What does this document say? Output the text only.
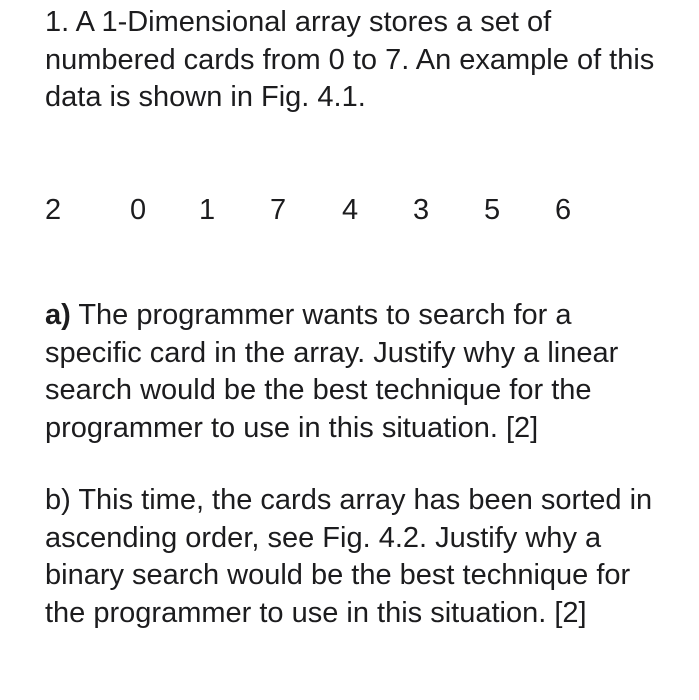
1. A 1-Dimensional array stores a set of numbered cards from 0 to 7. An example of this data is shown in Fig. 4.1.

2 0 1 7 4 3 5 6

a) The programmer wants to search for a specific card in the array. Justify why a linear search would be the best technique for the programmer to use in this situation. [2]

b) This time, the cards array has been sorted in ascending order, see Fig. 4.2. Justify why a binary search would be the best technique for the programmer to use in this situation. [2]
